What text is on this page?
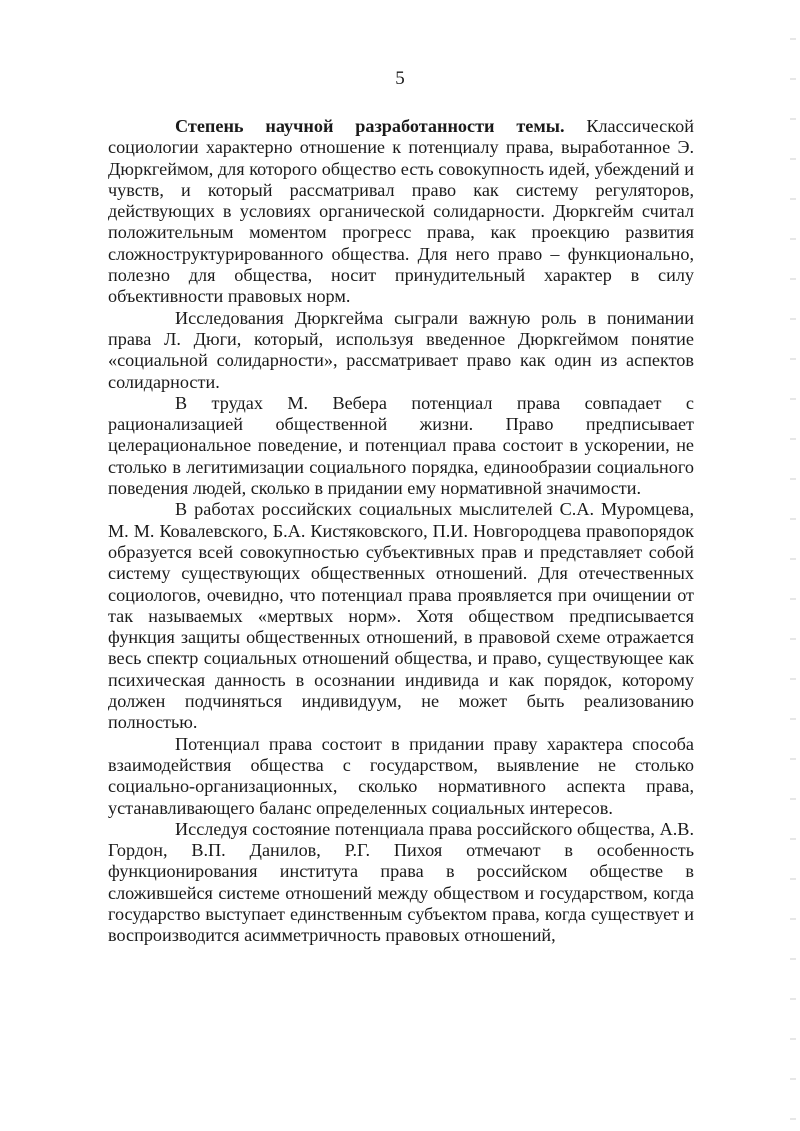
5

Степень научной разработанности темы. Классической социологии характерно отношение к потенциалу права, выработанное Э. Дюркгеймом, для которого общество есть совокупность идей, убеждений и чувств, и который рассматривал право как систему регуляторов, действующих в условиях органической солидарности. Дюркгейм считал положительным моментом прогресс права, как проекцию развития сложноструктурированного общества. Для него право – функционально, полезно для общества, носит принудительный характер в силу объективности правовых норм.

Исследования Дюркгейма сыграли важную роль в понимании права Л. Дюги, который, используя введенное Дюркгеймом понятие «социальной солидарности», рассматривает право как один из аспектов солидарности.

В трудах М. Вебера потенциал права совпадает с рационализацией общественной жизни. Право предписывает целерациональное поведение, и потенциал права состоит в ускорении, не столько в легитимизации социального порядка, единообразии социального поведения людей, сколько в придании ему нормативной значимости.

В работах российских социальных мыслителей С.А. Муромцева, М. М. Ковалевского, Б.А. Кистяковского, П.И. Новгородцева правопорядок образуется всей совокупностью субъективных прав и представляет собой систему существующих общественных отношений. Для отечественных социологов, очевидно, что потенциал права проявляется при очищении от так называемых «мертвых норм». Хотя обществом предписывается функция защиты общественных отношений, в правовой схеме отражается весь спектр социальных отношений общества, и право, существующее как психическая данность в осознании индивида и как порядок, которому должен подчиняться индивидуум, не может быть реализованию полностью.

Потенциал права состоит в придании праву характера способа взаимодействия общества с государством, выявление не столько социально-организационных, сколько нормативного аспекта права, устанавливающего баланс определенных социальных интересов.

Исследуя состояние потенциала права российского общества, А.В. Гордон, В.П. Данилов, Р.Г. Пихоя отмечают в особенность функционирования института права в российском обществе в сложившейся системе отношений между обществом и государством, когда государство выступает единственным субъектом права, когда существует и воспроизводится асимметричность правовых отношений,
